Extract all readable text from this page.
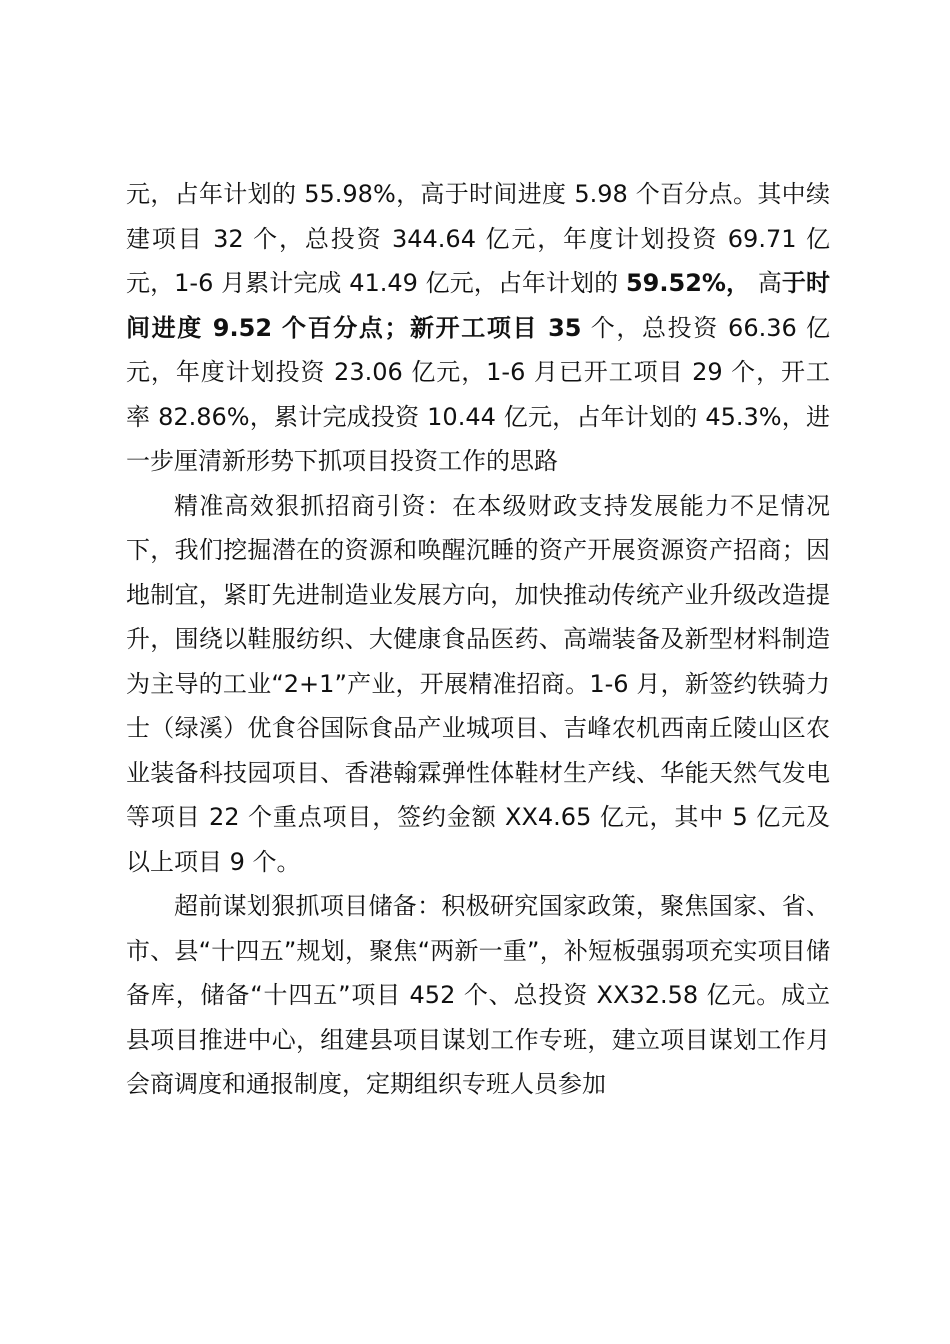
元，占年计划的 55.98%，高于时间进度 5.98 个百分点。其中续建项目 32 个，总投资 344.64 亿元，年度计划投资 69.71 亿元，1-6 月累计完成 41.49 亿元，占年计划的 59.52%， 高于时间进度 9.52 个百分点；新开工项目 35 个，总投资 66.36 亿元，年度计划投资 23.06 亿元，1-6 月已开工项目 29 个，开工率 82.86%，累计完成投资 10.44 亿元，占年计划的 45.3%，进一步厘清新形势下抓项目投资工作的思路

精准高效狠抓招商引资：在本级财政支持发展能力不足情况下，我们挖掘潜在的资源和唤醒沉睡的资产开展资源资产招商；因地制宜，紧盯先进制造业发展方向，加快推动传统产业升级改造提升，围绕以鞋服纺织、大健康食品医药、高端装备及新型材料制造为主导的工业“2+1”产业，开展精准招商。1-6 月，新签约铁骑力士（绿溪）优食谷国际食品产业城项目、吉峰农机西南丘陵山区农业装备科技园项目、香港翰霖弹性体鞋材生产线、华能天然气发电等项目 22 个重点项目，签约金额 XX4.65 亿元，其中 5 亿元及以上项目 9 个。

超前谋划狠抓项目储备：积极研究国家政策，聚焦国家、省、市、县“十四五”规划，聚焦“两新一重”，补短板强弱项充实项目储备库，储备“十四五”项目 452 个、总投资 XX32.58 亿元。成立县项目推进中心，组建县项目谋划工作专班，建立项目谋划工作月会商调度和通报制度，定期组织专班人员参加
